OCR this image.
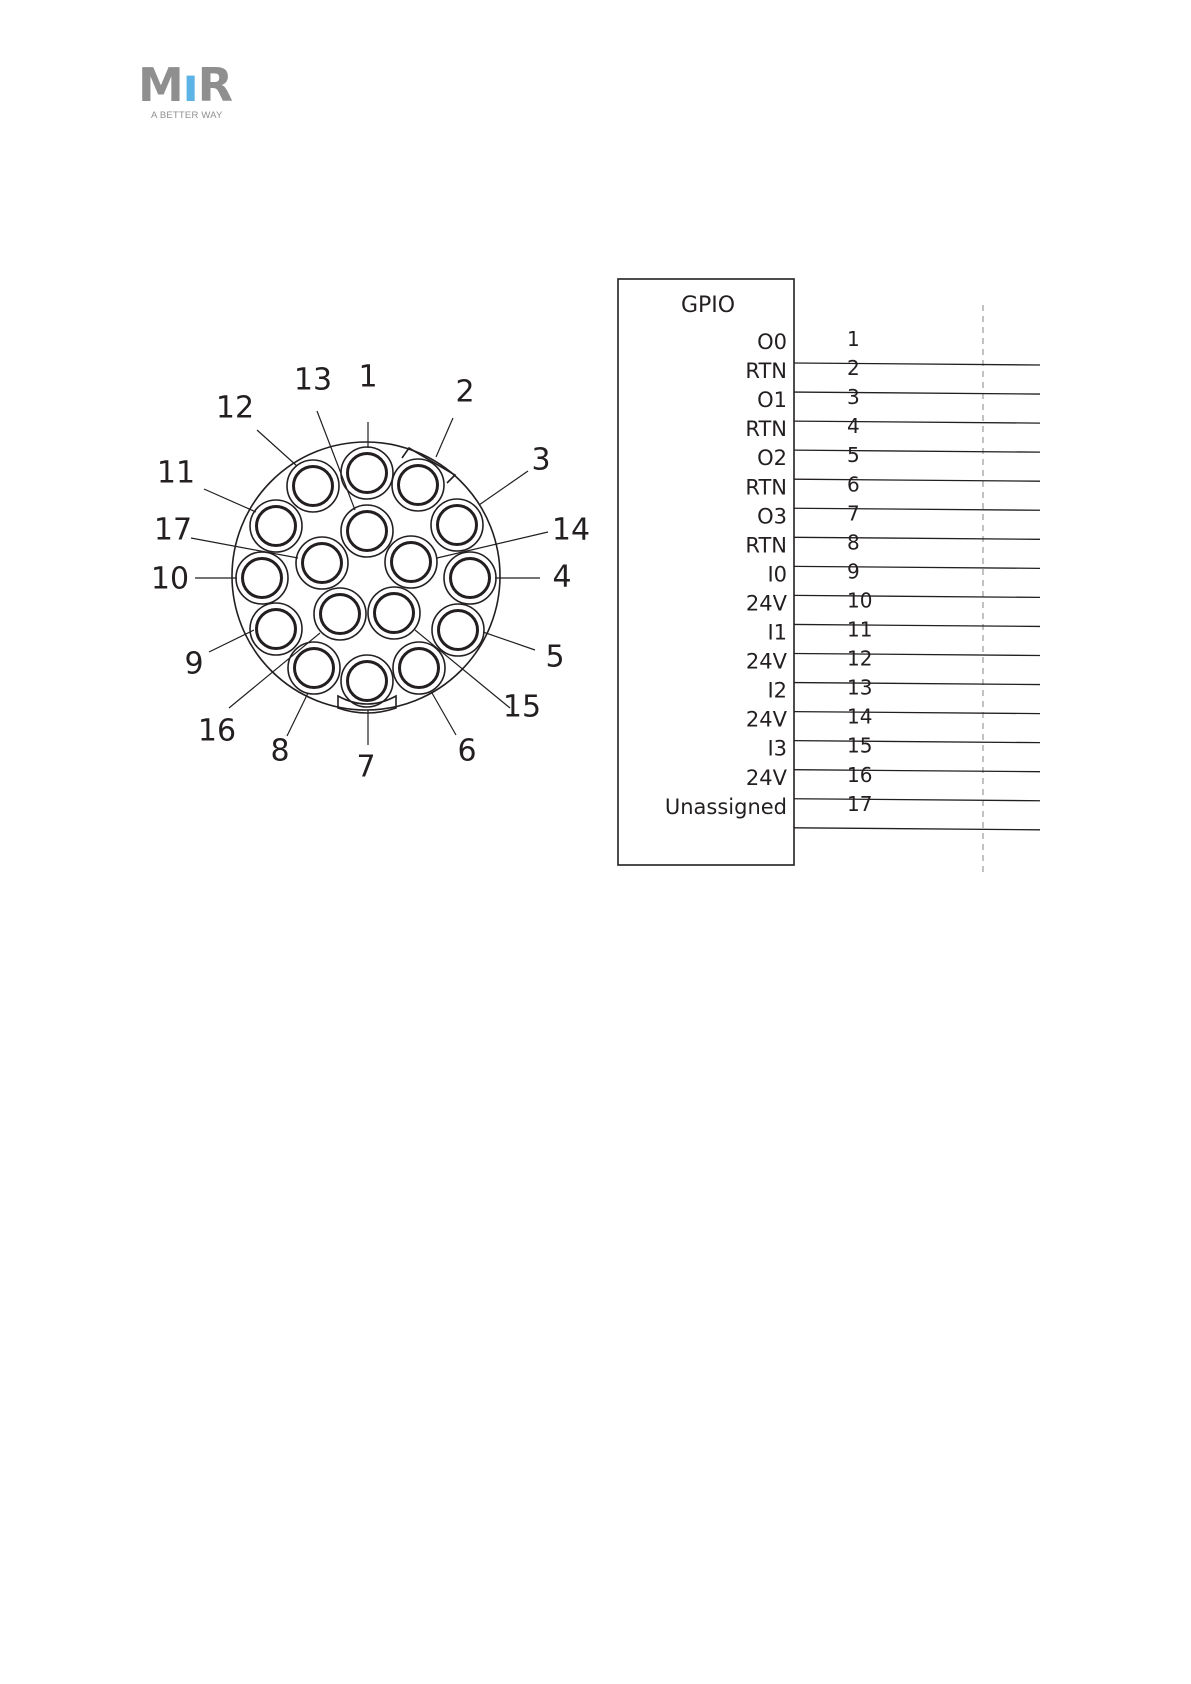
MıR
A BETTER WAY
1	2
3
4
5
6
7
8
9
10
11
12
13
14
15
16
17
GPIO
O0	1
RTN	2
O1	3
RTN	4
O2	5
RTN	6
O3	7
RTN	8
I0	9
24V	10
I1	11
24V	12
I2	13
24V	14
I3	15
24V	16
Unassigned	17
